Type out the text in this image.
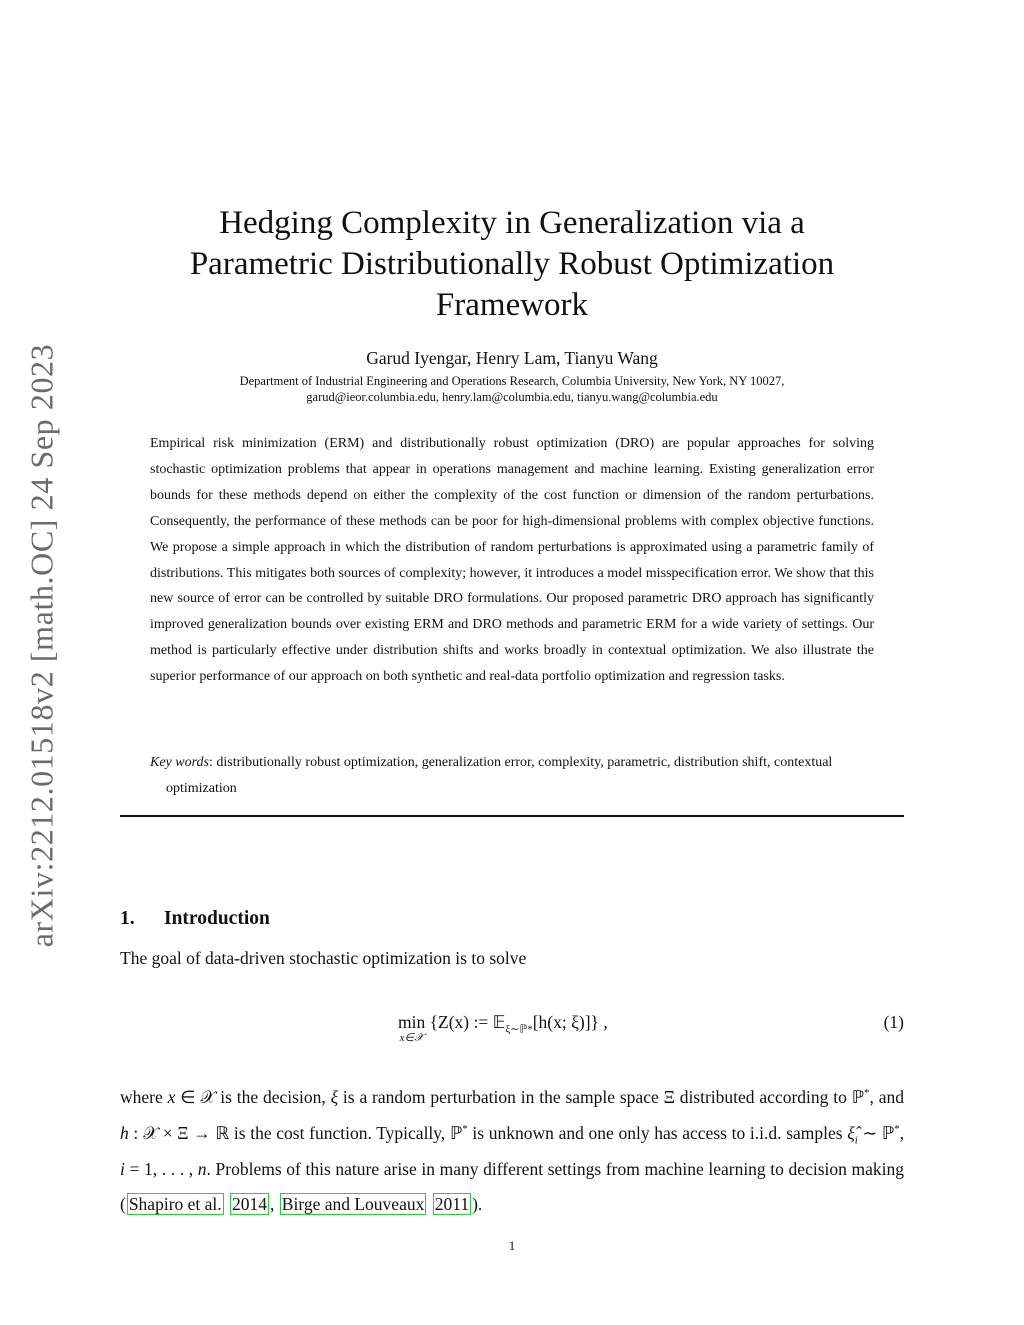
arXiv:2212.01518v2 [math.OC] 24 Sep 2023
Hedging Complexity in Generalization via a
Parametric Distributionally Robust Optimization
Framework
Garud Iyengar, Henry Lam, Tianyu Wang
Department of Industrial Engineering and Operations Research, Columbia University, New York, NY 10027,
garud@ieor.columbia.edu, henry.lam@columbia.edu, tianyu.wang@columbia.edu

Empirical risk minimization (ERM) and distributionally robust optimization (DRO) are popular approaches for solving stochastic optimization problems that appear in operations management and machine learning. Existing generalization error bounds for these methods depend on either the complexity of the cost function or dimension of the random perturbations. Consequently, the performance of these methods can be poor for high-dimensional problems with complex objective functions. We propose a simple approach in which the distribution of random perturbations is approximated using a parametric family of distributions. This mitigates both sources of complexity; however, it introduces a model misspecification error. We show that this new source of error can be controlled by suitable DRO formulations. Our proposed parametric DRO approach has significantly improved generalization bounds over existing ERM and DRO methods and parametric ERM for a wide variety of settings. Our method is particularly effective under distribution shifts and works broadly in contextual optimization. We also illustrate the superior performance of our approach on both synthetic and real-data portfolio optimization and regression tasks.

Key words: distributionally robust optimization, generalization error, complexity, parametric, distribution shift, contextual optimization

1. Introduction

The goal of data-driven stochastic optimization is to solve

min
x∈𝒳
{Z(x) := 𝔼$_{\xi\sim ℙ*}$[h(x; ξ)]} ,	(1)

where x ∈ 𝒳 is the decision, ξ is a random perturbation in the sample space Ξ distributed according to ℙ*, and h : 𝒳 × Ξ → ℝ is the cost function. Typically, ℙ* is unknown and one only has access to i.i.d. samples $\xî_i$ ∼ ℙ*, i = 1, . . . , n. Problems of this nature arise in many different settings from machine learning to decision making ( Shapiro et al. 2014 , Birge and Louveaux 2011 ).

1
